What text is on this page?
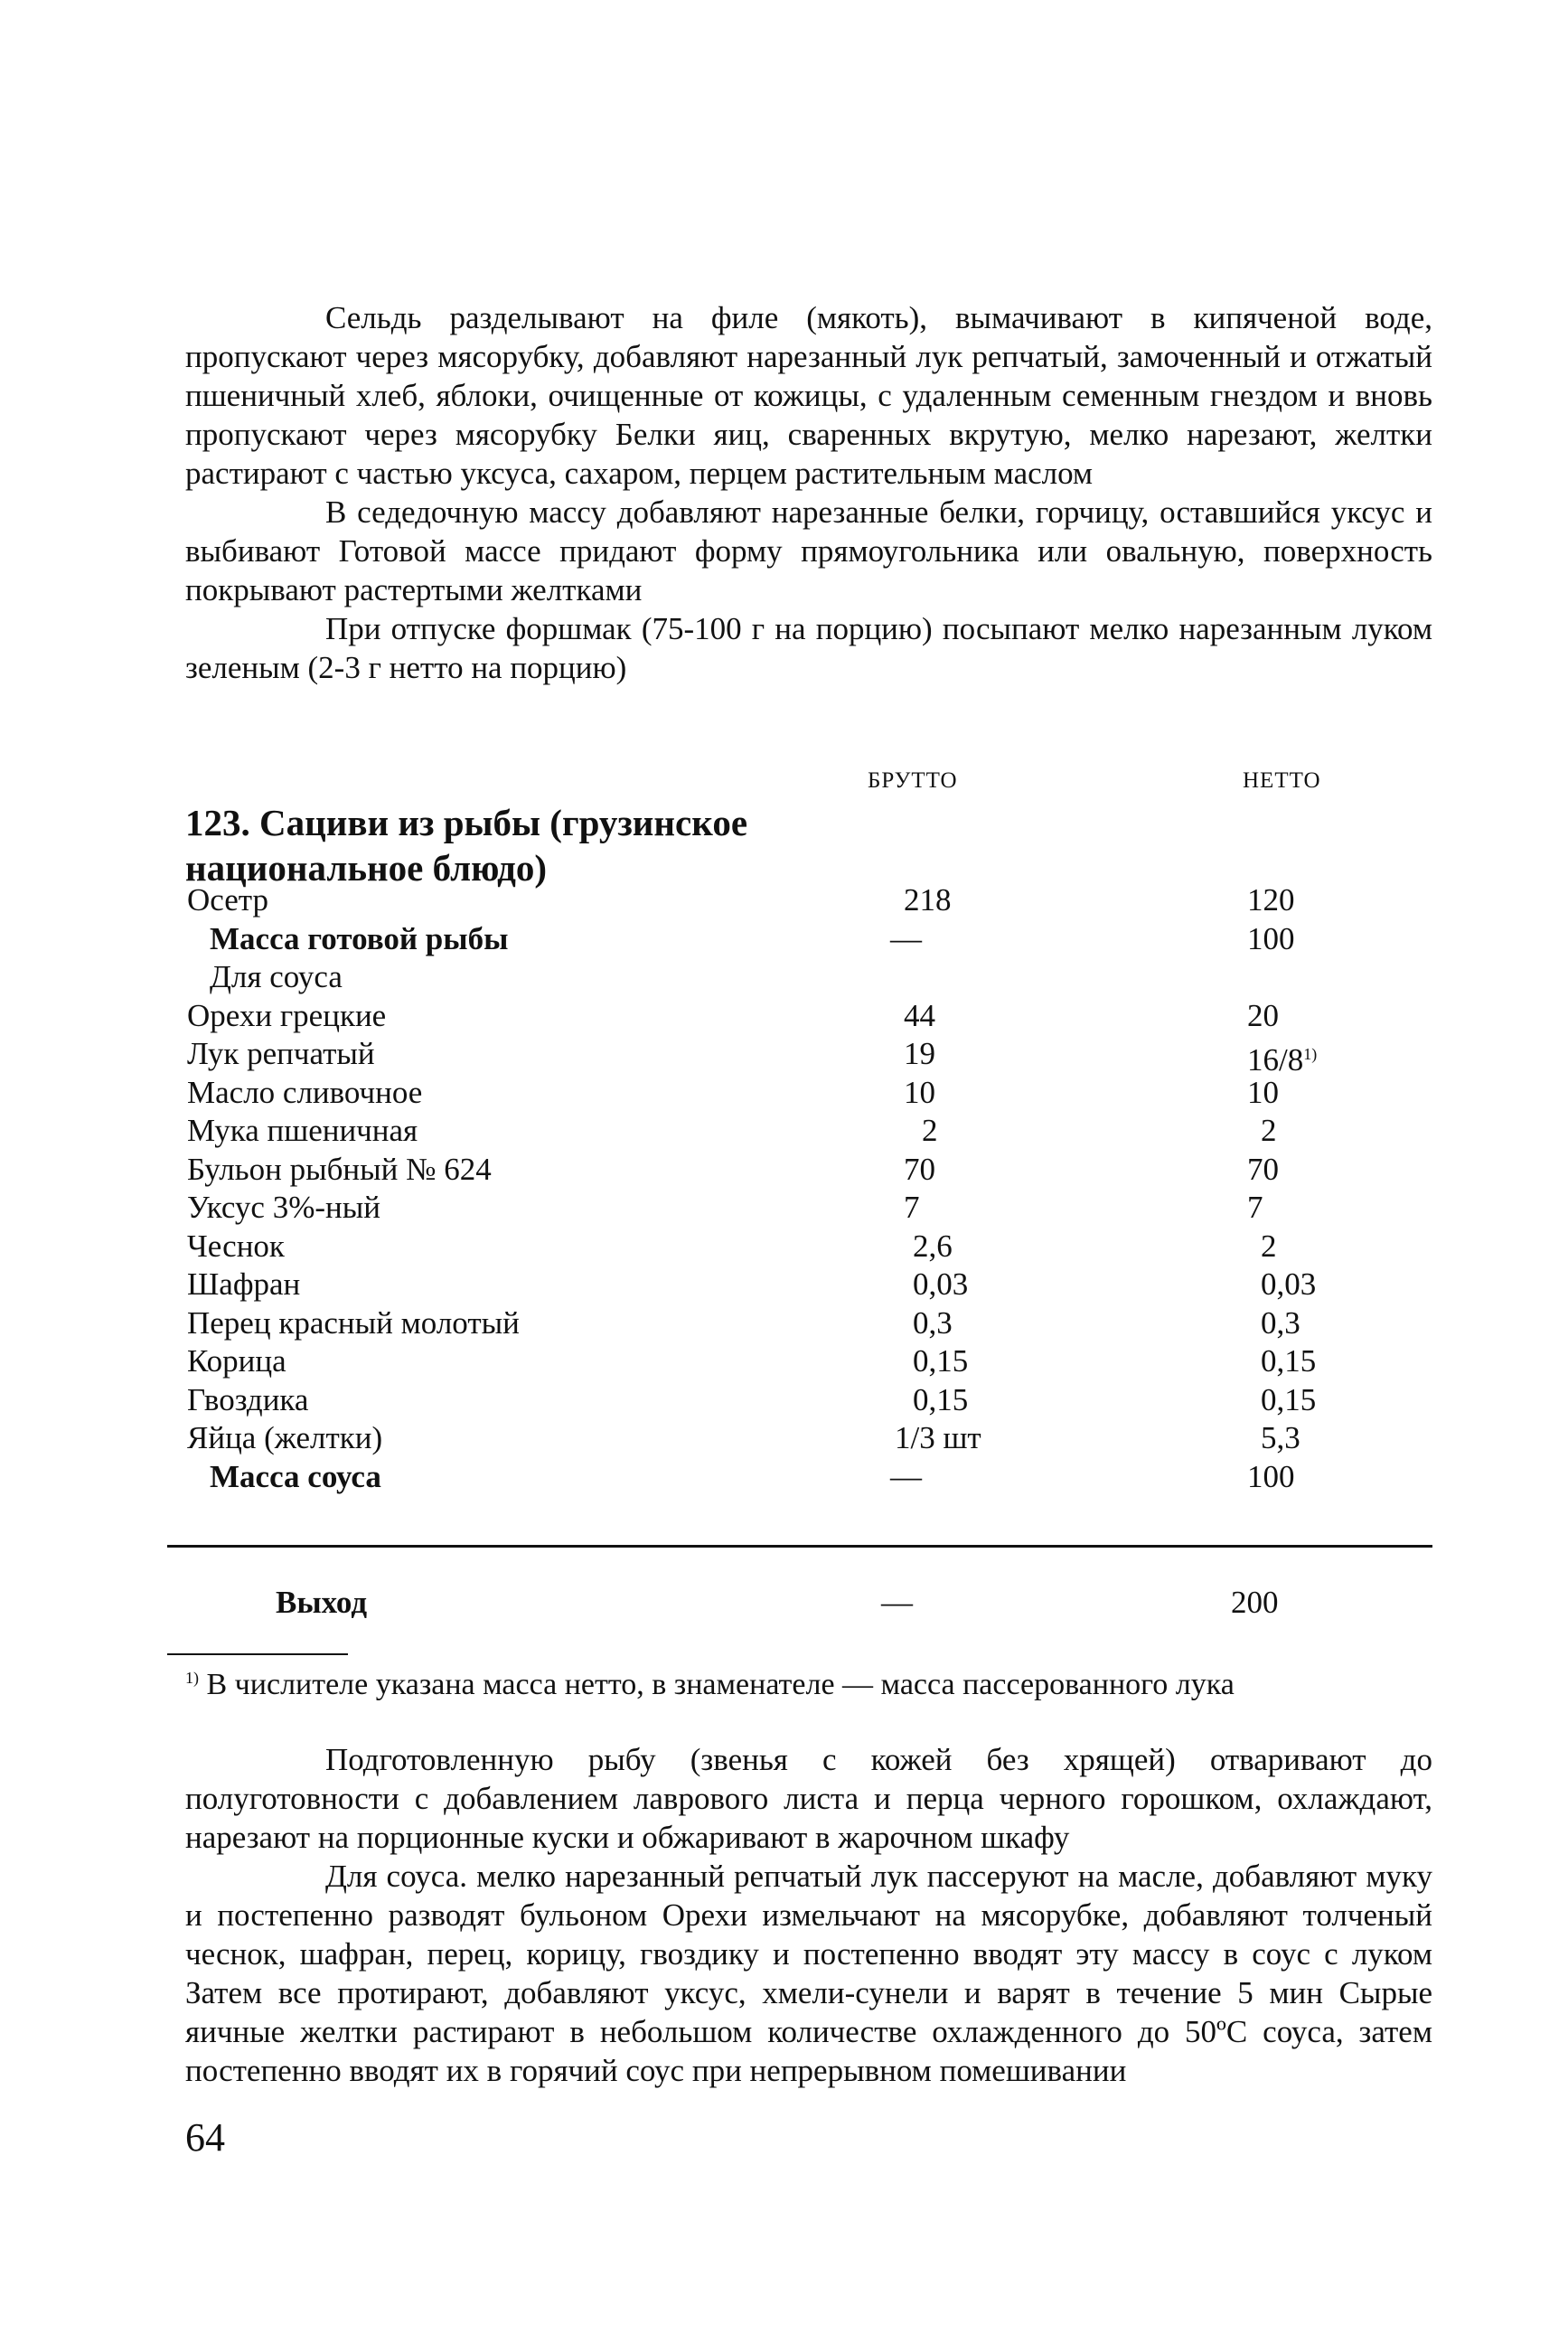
Сельдь разделывают на филе (мякоть), вымачивают в кипяченой воде, пропускают через мясорубку, добавляют нарезанный лук репчатый, замоченный и отжатый пшеничный хлеб, яблоки, очищенные от кожицы, с удаленным семенным гнездом и вновь пропускают через мясорубку Белки яиц, сваренных вкрутую, мелко нарезают, желтки растирают с частью уксуса, сахаром, перцем растительным маслом

В седедочную массу добавляют нарезанные белки, горчицу, оставшийся уксус и выбивают Готовой массе придают форму прямоугольника или овальную, поверхность покрывают растертыми желтками

При отпуске форшмак (75-100 г на порцию) посыпают мелко нарезанным луком зеленым (2-3 г нетто на порцию)

БРУТТО	НЕТТО
123. Сациви из рыбы (грузинское национальное блюдо)
Осетр	218	120
Масса готовой рыбы	—	100
Для соуса
Орехи грецкие	44	20
Лук репчатый	19	16/8$^{1)}$
Масло сливочное	10	10
Мука пшеничная	2	2
Бульон рыбный № 624	70	70
Уксус 3%-ный	7	7
Чеснок	2,6	2
Шафран	0,03	0,03
Перец красный молотый	0,3	0,3
Корица	0,15	0,15
Гвоздика	0,15	0,15
Яйца (желтки)	1/3 шт	5,3
Масса соуса	—	100
Выход	—	200
$^{1)}$ В числителе указана масса нетто, в знаменателе — масса пассерованного лука

Подготовленную рыбу (звенья с кожей без хрящей) отваривают до полуготовности с добавлением лаврового листа и перца черного горошком, охлаждают, нарезают на порционные куски и обжаривают в жарочном шкафу

Для соуса. мелко нарезанный репчатый лук пассеруют на масле, добавляют муку и постепенно разводят бульоном Орехи измельчают на мясорубке, добавляют толченый чеснок, шафран, перец, корицу, гвоздику и постепенно вводят эту массу в соус с луком Затем все протирают, добавляют уксус, хмели-сунели и варят в течение 5 мин Сырые яичные желтки растирают в небольшом количестве охлажденного до 50ºС соуса, затем постепенно вводят их в горячий соус при непрерывном помешивании

64
